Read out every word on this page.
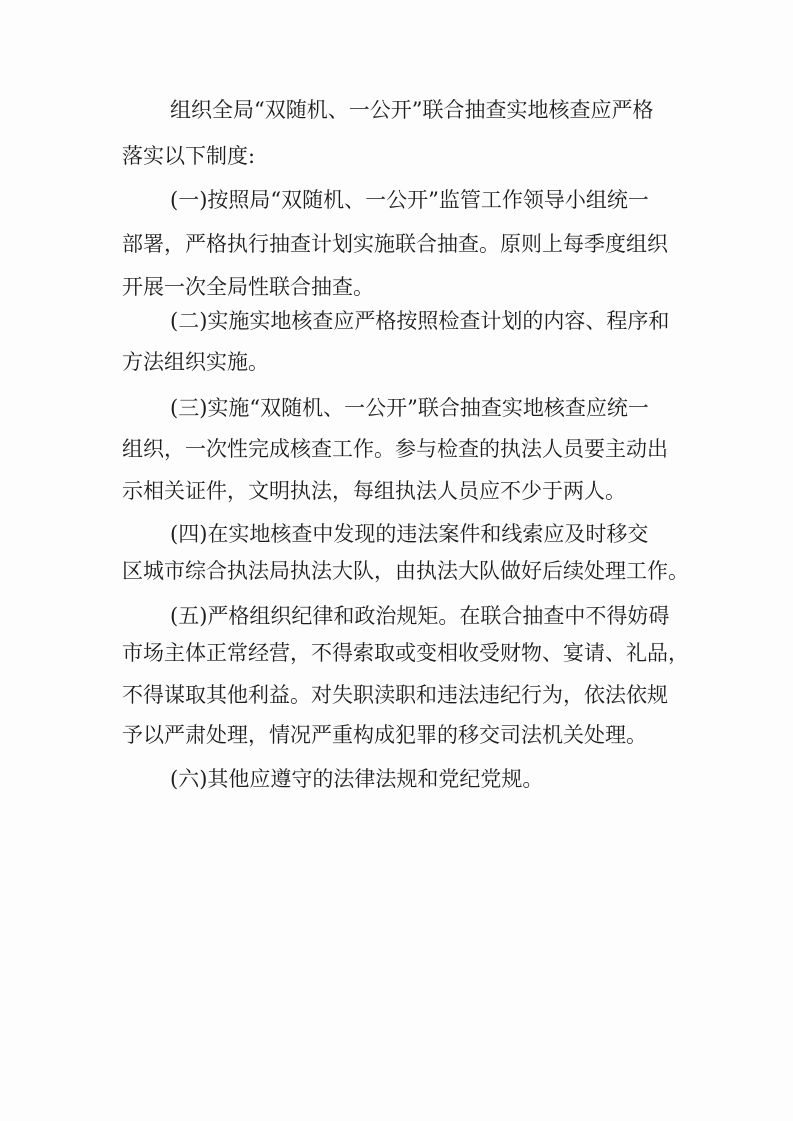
组织全局“双随机、一公开”联合抽查实地核查应严格

落实以下制度:

(一)按照局“双随机、一公开”监管工作领导小组统一

部署，严格执行抽查计划实施联合抽查。原则上每季度组织

开展一次全局性联合抽查。

(二)实施实地核查应严格按照检查计划的内容、程序和

方法组织实施。

(三)实施“双随机、一公开”联合抽查实地核查应统一

组织，一次性完成核查工作。参与检查的执法人员要主动出

示相关证件，文明执法，每组执法人员应不少于两人。

(四)在实地核查中发现的违法案件和线索应及时移交

区城市综合执法局执法大队，由执法大队做好后续处理工作。

(五)严格组织纪律和政治规矩。在联合抽查中不得妨碍

市场主体正常经营，不得索取或变相收受财物、宴请、礼品，

不得谋取其他利益。对失职渎职和违法违纪行为，依法依规

予以严肃处理，情况严重构成犯罪的移交司法机关处理。

(六)其他应遵守的法律法规和党纪党规。
